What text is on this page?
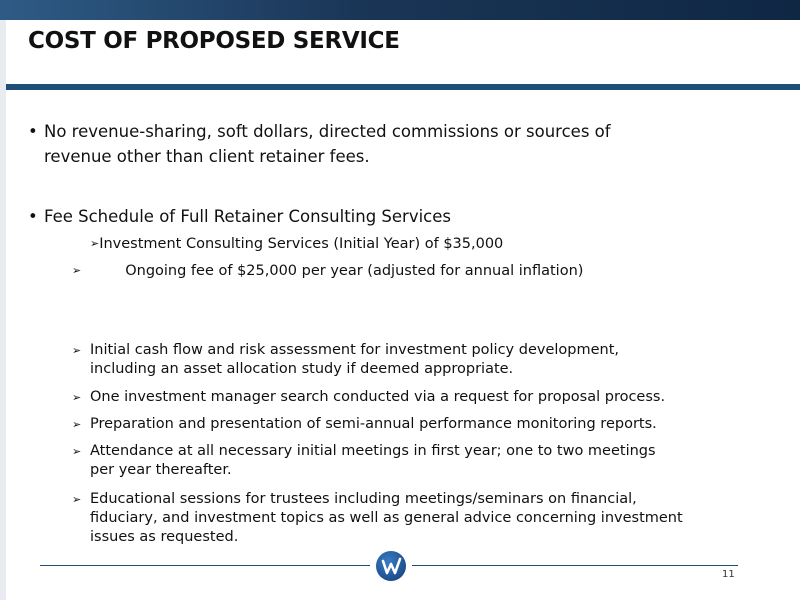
COST OF PROPOSED SERVICE
• No revenue-sharing, soft dollars, directed commissions or sources of
revenue other than client retainer fees.
• Fee Schedule of Full Retainer Consulting Services
➢Investment Consulting Services (Initial Year) of $35,000
➢	Ongoing fee of $25,000 per year (adjusted for annual inflation)
➢ Initial cash flow and risk assessment for investment policy development,
including an asset allocation study if deemed appropriate.
➢ One investment manager search conducted via a request for proposal process.
➢ Preparation and presentation of semi-annual performance monitoring reports.
➢ Attendance at all necessary initial meetings in first year; one to two meetings
per year thereafter.
➢ Educational sessions for trustees including meetings/seminars on financial,
fiduciary, and investment topics as well as general advice concerning investment
issues as requested.
11
